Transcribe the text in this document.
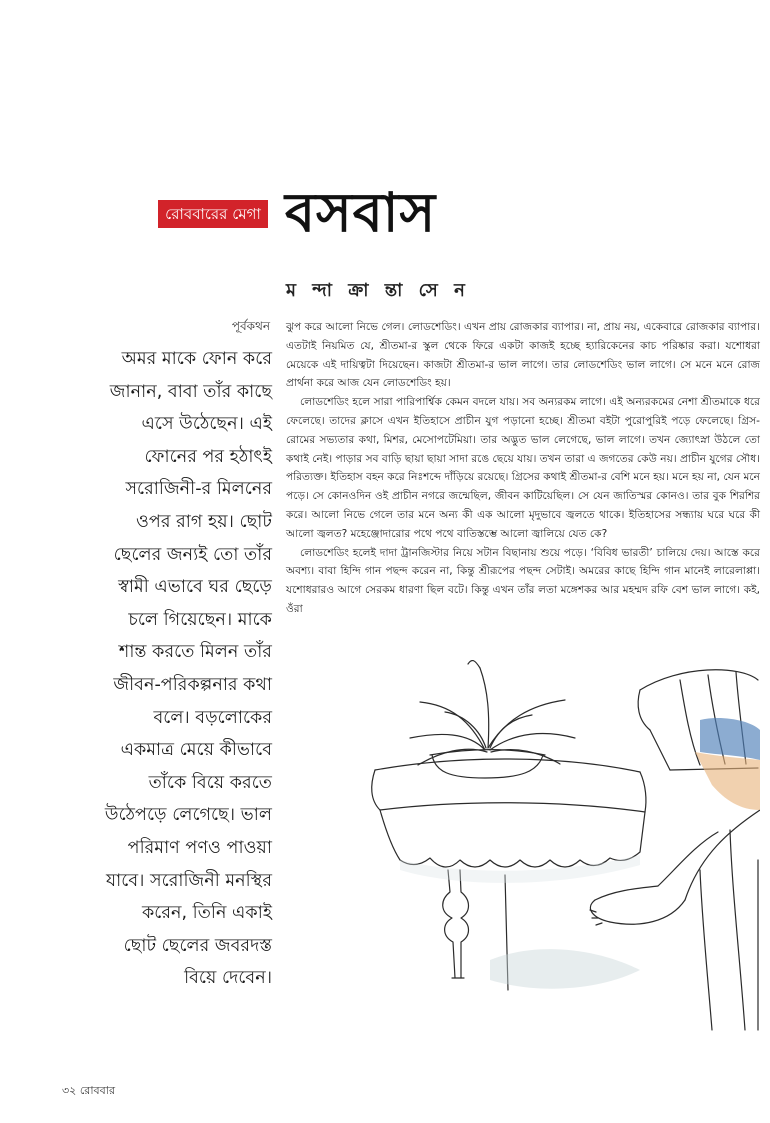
রোববারের মেগা বসবাস
ম ন্দা ক্রা ন্তা সে ন
পূর্বকথন
অমর মাকে ফোন করে
জানান, বাবা তাঁর কাছে
এসে উঠেছেন। এই
ফোনের পর হঠাৎই
সরোজিনী-র মিলনের
ওপর রাগ হয়। ছোট
ছেলের জন্যই তো তাঁর
স্বামী এভাবে ঘর ছেড়ে
চলে গিয়েছেন। মাকে
শান্ত করতে মিলন তাঁর
জীবন-পরিকল্পনার কথা
বলে। বড়লোকের
একমাত্র মেয়ে কীভাবে
তাঁকে বিয়ে করতে
উঠেপড়ে লেগেছে। ভাল
পরিমাণ পণও পাওয়া
যাবে। সরোজিনী মনস্থির
করেন, তিনি একাই
ছোট ছেলের জবরদস্ত
বিয়ে দেবেন।

ঝুপ করে আলো নিভে গেল। লোডশেডিং। এখন প্রায় রোজকার ব্যাপার। না, প্রায় নয়, একেবারে রোজকার ব্যাপার। এতটাই নিয়মিত যে, শ্রীতমা-র স্কুল থেকে ফিরে একটা কাজই হচ্ছে হ্যারিকেনের কাচ পরিষ্কার করা। যশোধরা মেয়েকে এই দায়িত্বটা দিয়েছেন। কাজটা শ্রীতমা-র ভাল লাগে। তার লোডশেডিং ভাল লাগে। সে মনে মনে রোজ প্রার্থনা করে আজ যেন লোডশেডিং হয়।

লোডশেডিং হলে সারা পারিপার্শ্বিক কেমন বদলে যায়। সব অন্যরকম লাগে। এই অন্যরকমের নেশা শ্রীতমাকে ধরে ফেলেছে। তাদের ক্লাসে এখন ইতিহাসে প্রাচীন যুগ পড়ানো হচ্ছে। শ্রীতমা বইটা পুরোপুরিই পড়ে ফেলেছে। গ্রিস-রোমের সভ্যতার কথা, মিশর, মেসোপটেমিয়া। তার অদ্ভুত ভাল লেগেছে, ভাল লাগে। তখন জ্যোৎস্না উঠলে তো কথাই নেই। পাড়ার সব বাড়ি ছায়া ছায়া সাদা রঙে ছেয়ে যায়। তখন তারা এ জগতের কেউ নয়। প্রাচীন যুগের সৌধ। পরিত্যক্ত। ইতিহাস বহন করে নিঃশব্দে দাঁড়িয়ে রয়েছে। গ্রিসের কথাই শ্রীতমা-র বেশি মনে হয়। মনে হয় না, যেন মনে পড়ে। সে কোনওদিন ওই প্রাচীন নগরে জন্মেছিল, জীবন কাটিয়েছিল। সে যেন জাতিস্মর কোনও। তার বুক শিরশির করে। আলো নিভে গেলে তার মনে অন্য কী এক আলো মৃদুভাবে জ্বলতে থাকে। ইতিহাসের সন্ধ্যায় ঘরে ঘরে কী আলো জ্বলত? মহেঞ্জোদারোর পথে পথে বাতিস্তম্ভে আলো জ্বালিয়ে যেত কে?

লোডশেডিং হলেই দাদা ট্রানজিস্টার নিয়ে সটান বিছানায় শুয়ে পড়ে। ‘বিবিধ ভারতী’ চালিয়ে দেয়। আস্তে করে অবশ্য। বাবা হিন্দি গান পছন্দ করেন না, কিন্তু শ্রীরূপের পছন্দ সেটাই। অমরের কাছে হিন্দি গান মানেই লারেলাপ্পা। যশোধরারও আগে সেরকম ধারণা ছিল বটে। কিন্তু এখন তাঁর লতা মঙ্গেশকর আর মহম্মদ রফি বেশ ভাল লাগে। কই, ওঁরা

৩২ রোববার
